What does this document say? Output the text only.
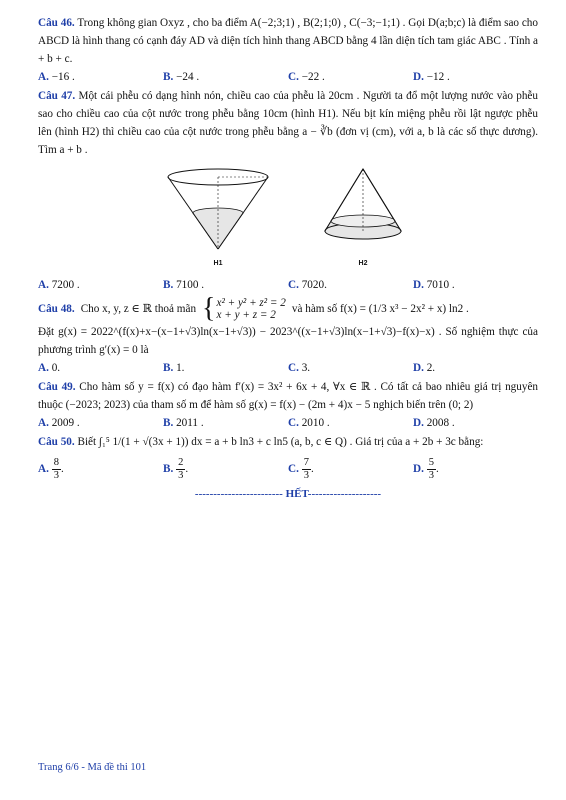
Câu 46. Trong không gian Oxyz , cho ba điểm A(−2;3;1) , B(2;1;0) , C(−3;−1;1) . Gọi D(a;b;c) là điểm sao cho ABCD là hình thang có cạnh đáy AD và diện tích hình thang ABCD bằng 4 lần diện tích tam giác ABC . Tính a + b + c.

A. −16 .	B. −24 .	C. −22 .	D. −12 .

Câu 47. Một cái phễu có dạng hình nón, chiều cao của phễu là 20cm . Người ta đổ một lượng nước vào phễu sao cho chiều cao của cột nước trong phễu bằng 10cm (hình H1). Nếu bịt kín miệng phễu rồi lật ngược phễu lên (hình H2) thì chiều cao của cột nước trong phễu bằng a − ∛b (đơn vị (cm), với a, b là các số thực dương). Tìm a + b .

H1	H2
A. 7200 .	B. 7100 .	C. 7020.	D. 7010 .

Câu 48. Cho x, y, z ∈ ℝ thoả mãn { x² + y² + z² = 2
x + y + z = 2	và hàm số f(x) = (1/3 x³ − 2x² + x) ln2 .

Đặt g(x) = 2022^(f(x)+x−(x−1+√3)ln(x−1+√3)) − 2023^((x−1+√3)ln(x−1+√3)−f(x)−x) . Số nghiệm thực của phương trình g′(x) = 0 là

A. 0.	B. 1.	C. 3.	D. 2.

Câu 49. Cho hàm số y = f(x) có đạo hàm f′(x) = 3x² + 6x + 4, ∀x ∈ ℝ . Có tất cả bao nhiêu giá trị nguyên thuộc (−2023; 2023) của tham số m để hàm số g(x) = f(x) − (2m + 4)x − 5 nghịch biến trên (0; 2)

A. 2009 .	B. 2011 .	C. 2010 .	D. 2008 .

Câu 50. Biết ∫₁⁵ 1/(1 + √(3x + 1)) dx = a + b ln3 + c ln5 (a, b, c ∈ Q) . Giá trị của a + 2b + 3c bằng:

A. $\frac{8}{3}$ .	B. $\frac{2}{3}$ .	C. $\frac{7}{3}$ .	D. $\frac{5}{3}$ .
------------------------ HẾT--------------------
Trang 6/6 - Mã đề thi 101
